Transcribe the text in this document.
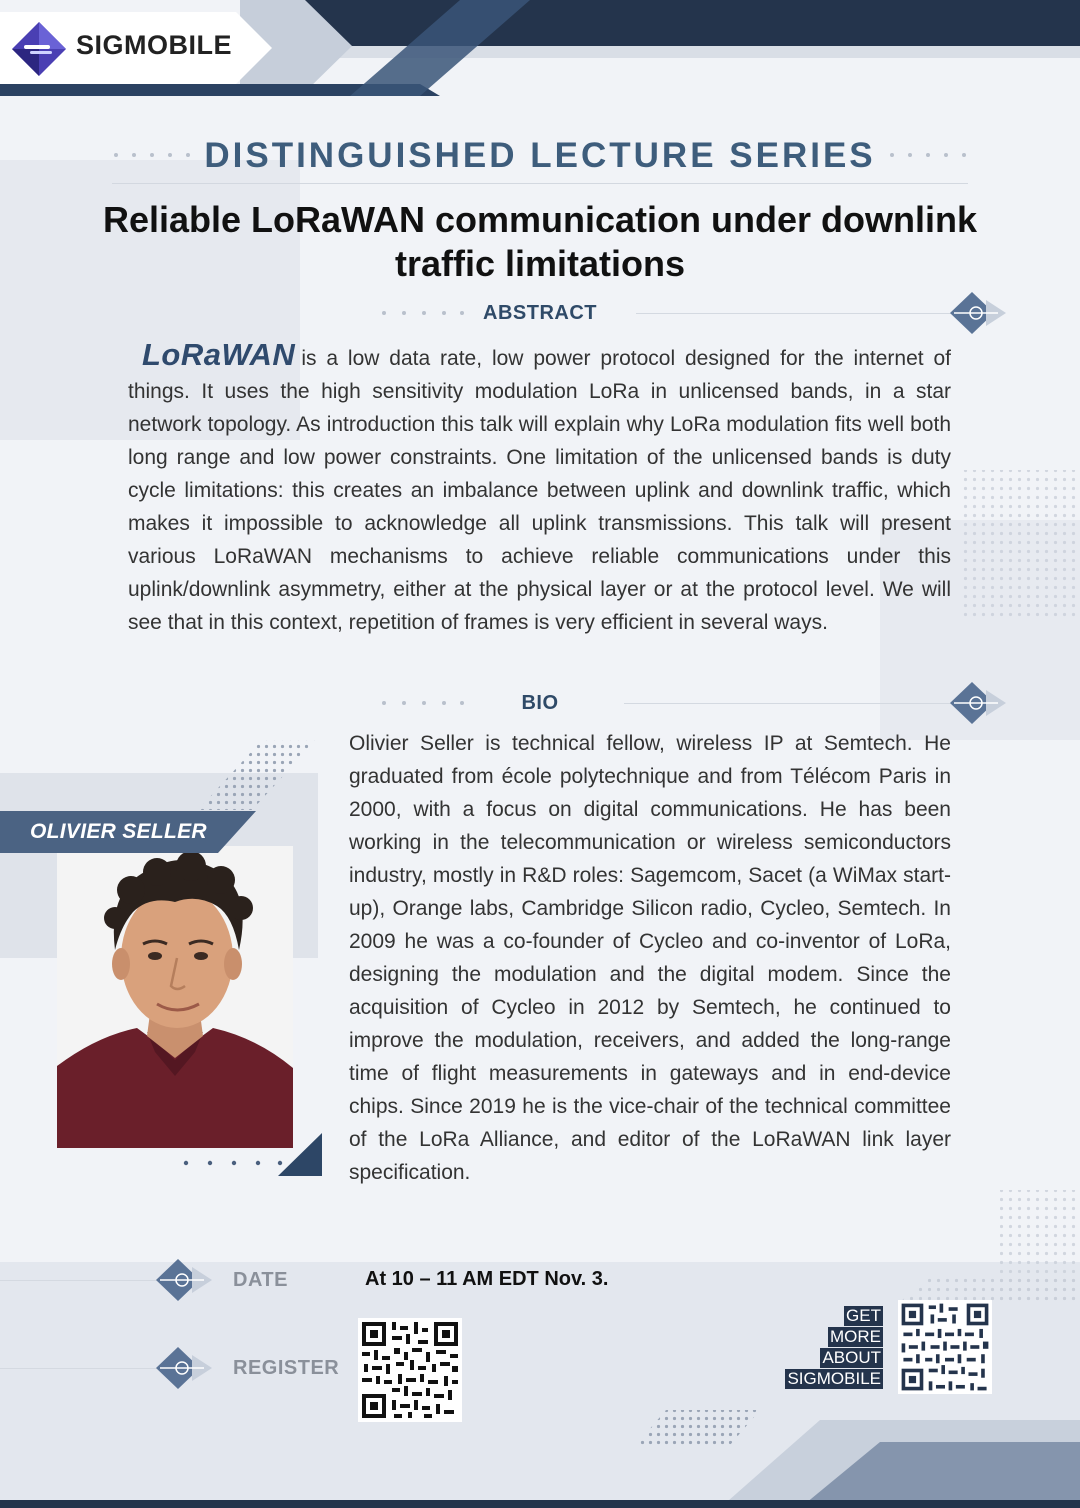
SIGMOBILE
DISTINGUISHED LECTURE SERIES
Reliable LoRaWAN communication under downlink traffic limitations
ABSTRACT
LoRaWAN is a low data rate, low power protocol designed for the internet of things. It uses the high sensitivity modulation LoRa in unlicensed bands, in a star network topology. As introduction this talk will explain why LoRa modulation fits well both long range and low power constraints. One limitation of the unlicensed bands is duty cycle limitations: this creates an imbalance between uplink and downlink traffic, which makes it impossible to acknowledge all uplink transmissions. This talk will present various LoRaWAN mechanisms to achieve reliable communications under this uplink/downlink asymmetry, either at the physical layer or at the protocol level. We will see that in this context, repetition of frames is very efficient in several ways.
BIO
OLIVIER SELLER
Olivier Seller is technical fellow, wireless IP at Semtech. He graduated from école polytechnique and from Télécom Paris in 2000, with a focus on digital communications. He has been working in the telecommunication or wireless semiconductors industry, mostly in R&D roles: Sagemcom, Sacet (a WiMax start-up), Orange labs, Cambridge Silicon radio, Cycleo, Semtech. In 2009 he was a co-founder of Cycleo and co-inventor of LoRa, designing the modulation and the digital modem. Since the acquisition of Cycleo in 2012 by Semtech, he continued to improve the modulation, receivers, and added the long-range time of flight measurements in gateways and in end-device chips. Since 2019 he is the vice-chair of the technical committee of the LoRa Alliance, and editor of the LoRaWAN link layer specification.
DATE	At 10 – 11 AM EDT Nov. 3.
REGISTER
GET
MORE
ABOUT
SIGMOBILE
